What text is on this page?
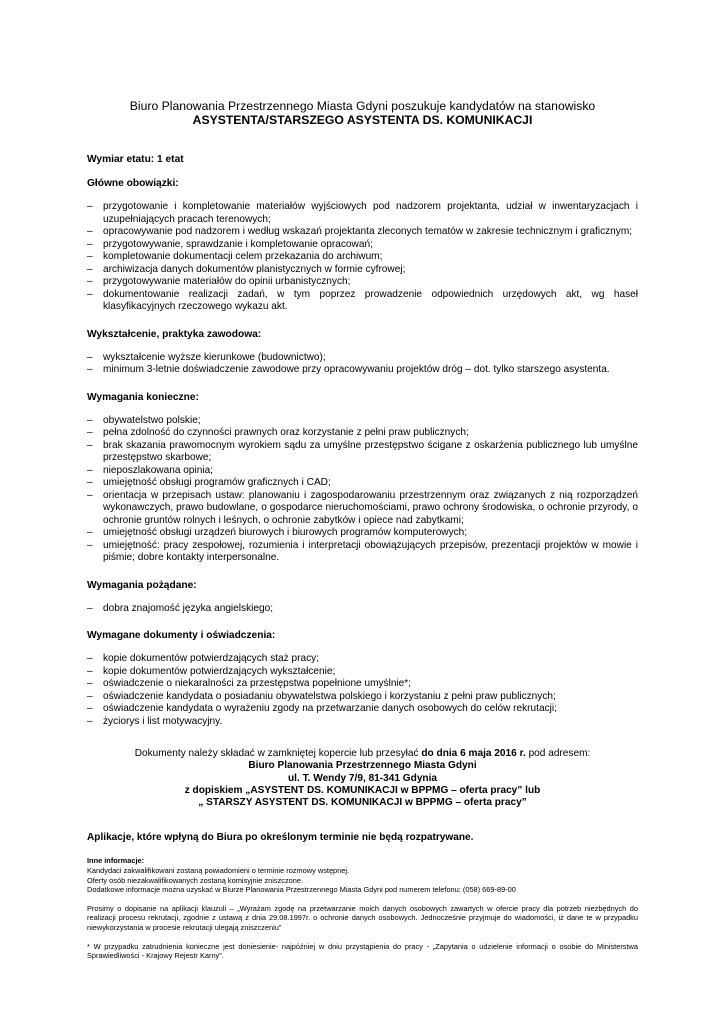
Biuro Planowania Przestrzennego Miasta Gdyni poszukuje kandydatów na stanowisko
ASYSTENTA/STARSZEGO ASYSTENTA DS. KOMUNIKACJI
Wymiar etatu: 1 etat
Główne obowiązki:
– przygotowanie i kompletowanie materiałów wyjściowych pod nadzorem projektanta, udział w inwentaryzacjach i uzupełniających pracach terenowych;
– opracowywanie pod nadzorem i według wskazań projektanta zleconych tematów w zakresie technicznym i graficznym;
– przygotowywanie, sprawdzanie i kompletowanie opracowań;
– kompletowanie dokumentacji celem przekazania do archiwum;
– archiwizacja danych dokumentów planistycznych w formie cyfrowej;
– przygotowywanie materiałów do opinii urbanistycznych;
– dokumentowanie realizacji zadań, w tym poprzez prowadzenie odpowiednich urzędowych akt, wg haseł klasyfikacyjnych rzeczowego wykazu akt.
Wykształcenie, praktyka zawodowa:
– wykształcenie wyższe kierunkowe (budownictwo);
– minimum 3-letnie doświadczenie zawodowe przy opracowywaniu projektów dróg – dot. tylko starszego asystenta.
Wymagania konieczne:
– obywatelstwo polskie;
– pełna zdolność do czynności prawnych oraz korzystanie z pełni praw publicznych;
– brak skazania prawomocnym wyrokiem sądu za umyślne przestępstwo ścigane z oskarżenia publicznego lub umyślne przestępstwo skarbowe;
– nieposzlakowana opinia;
– umiejętność obsługi programów graficznych i CAD;
– orientacja w przepisach ustaw: planowaniu i zagospodarowaniu przestrzennym oraz związanych z nią rozporządzeń wykonawczych, prawo budowlane, o gospodarce nieruchomościami, prawo ochrony środowiska, o ochronie przyrody, o ochronie gruntów rolnych i leśnych, o ochronie zabytków i opiece nad zabytkami;
– umiejętność obsługi urządzeń biurowych i biurowych programów komputerowych;
– umiejętność: pracy zespołowej, rozumienia i interpretacji obowiązujących przepisów, prezentacji projektów w mowie i piśmie; dobre kontakty interpersonalne.
Wymagania pożądane:
– dobra znajomość języka angielskiego;
Wymagane dokumenty i oświadczenia:
– kopie dokumentów potwierdzających staż pracy;
– kopie dokumentów potwierdzających wykształcenie;
– oświadczenie o niekaralności za przestępstwa popełnione umyślnie*;
– oświadczenie kandydata o posiadaniu obywatelstwa polskiego i korzystaniu z pełni praw publicznych;
– oświadczenie kandydata o wyrażeniu zgody na przetwarzanie danych osobowych do celów rekrutacji;
– życiorys i list motywacyjny.
Dokumenty należy składać w zamkniętej kopercie lub przesyłać do dnia 6 maja 2016 r. pod adresem:
Biuro Planowania Przestrzennego Miasta Gdyni
ul. T. Wendy 7/9, 81-341 Gdynia
z dopiskiem „ASYSTENT DS. KOMUNIKACJI w BPPMG – oferta pracy” lub
„ STARSZY ASYSTENT DS. KOMUNIKACJI w BPPMG – oferta pracy”
Aplikacje, które wpłyną do Biura po określonym terminie nie będą rozpatrywane.

Inne informacje:
Kandydaci zakwalifikowani zostaną powiadomieni o terminie rozmowy wstępnej.
Oferty osób niezakwalifikowanych zostaną komisyjnie zniszczone.
Dodatkowe informacje można uzyskać w Biurze Planowania Przestrzennego Miasta Gdyni pod numerem telefonu: (058) 669-89-00

Prosimy o dopisanie na aplikacji klauzuli – „Wyrażam zgodę na przetwarzanie moich danych osobowych zawartych w ofercie pracy dla potrzeb niezbędnych do realizacji procesu rekrutacji, zgodnie z ustawą z dnia 29.08.1997r. o ochronie danych osobowych. Jednocześnie przyjmuje do wiadomości, iż dane te w przypadku niewykorzystania w procesie rekrutacji ulegają zniszczeniu”

* W przypadku zatrudnienia konieczne jest doniesienie- najpóźniej w dniu przystąpienia do pracy - „Zapytania o udzielenie informacji o osobie do Ministerstwa Sprawiedliwości - Krajowy Rejestr Karny”.
